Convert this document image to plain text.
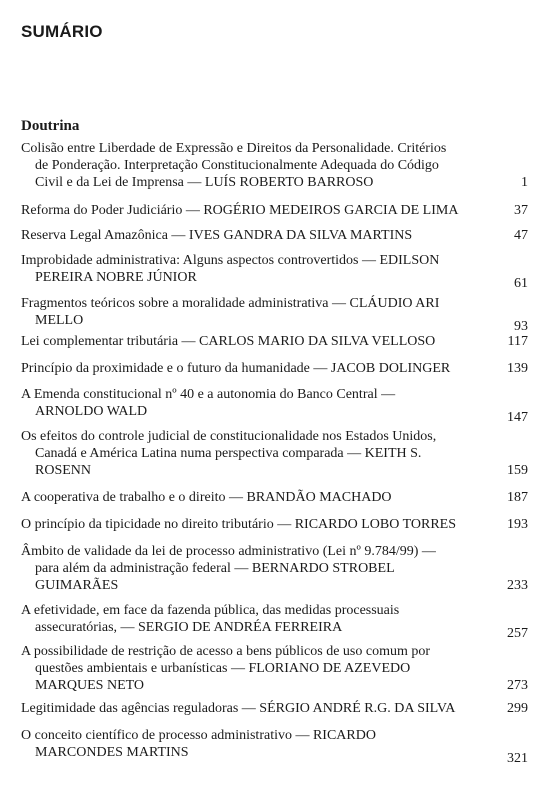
SUMÁRIO
Doutrina
Colisão entre Liberdade de Expressão e Direitos da Personalidade. Critérios
de Ponderação. Interpretação Constitucionalmente Adequada do Código
Civil e da Lei de Imprensa — LUÍS ROBERTO BARROSO	1
Reforma do Poder Judiciário — ROGÉRIO MEDEIROS GARCIA DE LIMA	37
Reserva Legal Amazônica — IVES GANDRA DA SILVA MARTINS	47
Improbidade administrativa: Alguns aspectos controvertidos — EDILSON
PEREIRA NOBRE JÚNIOR	61
Fragmentos teóricos sobre a moralidade administrativa — CLÁUDIO ARI
MELLO	93
Lei complementar tributária — CARLOS MARIO DA SILVA VELLOSO	117
Princípio da proximidade e o futuro da humanidade — JACOB DOLINGER	139
A Emenda constitucional nº 40 e a autonomia do Banco Central —
ARNOLDO WALD	147
Os efeitos do controle judicial de constitucionalidade nos Estados Unidos,
Canadá e América Latina numa perspectiva comparada — KEITH S.
ROSENN	159
A cooperativa de trabalho e o direito — BRANDÃO MACHADO	187
O princípio da tipicidade no direito tributário — RICARDO LOBO TORRES	193
Âmbito de validade da lei de processo administrativo (Lei nº 9.784/99) —
para além da administração federal — BERNARDO STROBEL
GUIMARÃES	233
A efetividade, em face da fazenda pública, das medidas processuais
assecuratórias, — SERGIO DE ANDRÉA FERREIRA	257
A possibilidade de restrição de acesso a bens públicos de uso comum por
questões ambientais e urbanísticas — FLORIANO DE AZEVEDO
MARQUES NETO	273
Legitimidade das agências reguladoras — SÉRGIO ANDRÉ R.G. DA SILVA	299
O conceito científico de processo administrativo — RICARDO
MARCONDES MARTINS	321
